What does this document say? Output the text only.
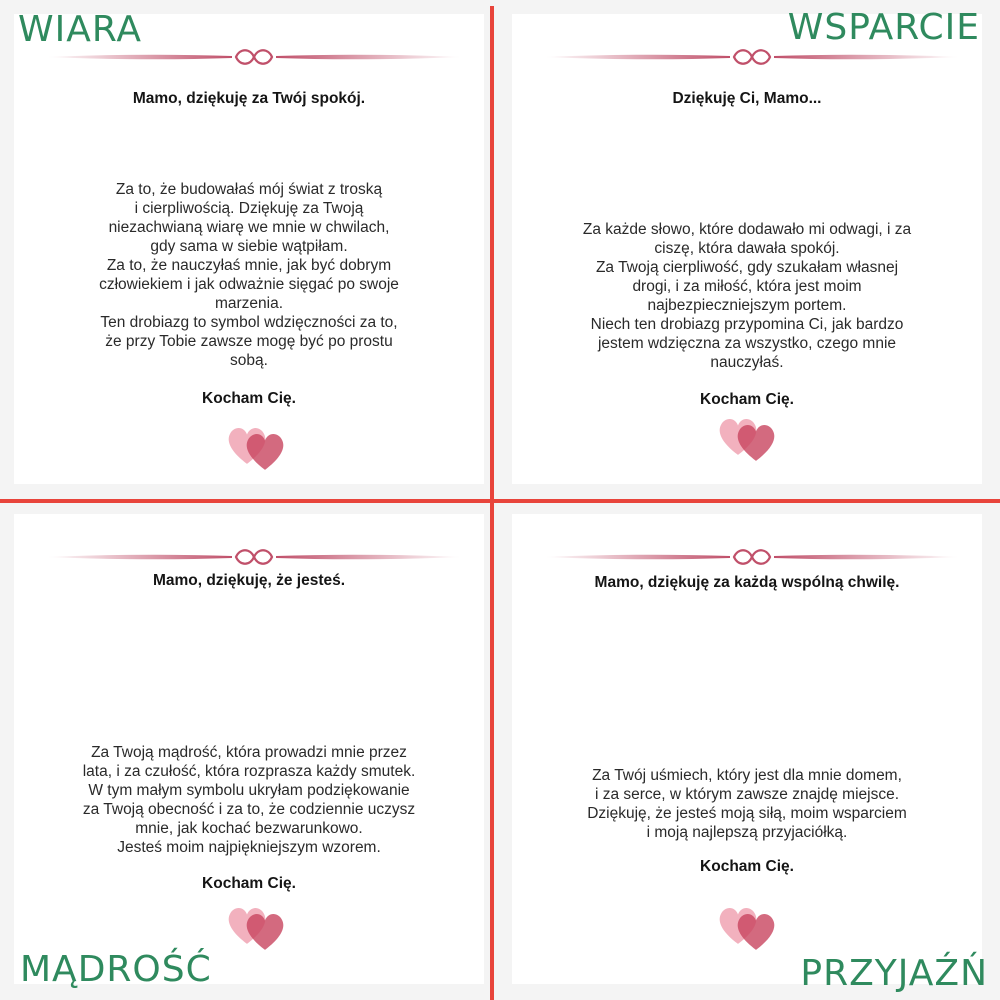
Mamo, dziękuję za Twój spokój.
Za to, że budowałaś mój świat z troską
i cierpliwością. Dziękuję za Twoją
niezachwianą wiarę we mnie w chwilach,
gdy sama w siebie wątpiłam.
Za to, że nauczyłaś mnie, jak być dobrym
człowiekiem i jak odważnie sięgać po swoje
marzenia.
Ten drobiazg to symbol wdzięczności za to,
że przy Tobie zawsze mogę być po prostu
sobą.
Kocham Cię.
Dziękuję Ci, Mamo...
Za każde słowo, które dodawało mi odwagi, i za
ciszę, która dawała spokój.
Za Twoją cierpliwość, gdy szukałam własnej
drogi, i za miłość, która jest moim
najbezpieczniejszym portem.
Niech ten drobiazg przypomina Ci, jak bardzo
jestem wdzięczna za wszystko, czego mnie
nauczyłaś.
Kocham Cię.
Mamo, dziękuję, że jesteś.
Za Twoją mądrość, która prowadzi mnie przez
lata, i za czułość, która rozprasza każdy smutek.
W tym małym symbolu ukryłam podziękowanie
za Twoją obecność i za to, że codziennie uczysz
mnie, jak kochać bezwarunkowo.
Jesteś moim najpiękniejszym wzorem.
Kocham Cię.
Mamo, dziękuję za każdą wspólną chwilę.
Za Twój uśmiech, który jest dla mnie domem,
i za serce, w którym zawsze znajdę miejsce.
Dziękuję, że jesteś moją siłą, moim wsparciem
i moją najlepszą przyjaciółką.
Kocham Cię.
WIARA	WSPARCIE
MĄDROŚĆ	PRZYJAŹŃ
